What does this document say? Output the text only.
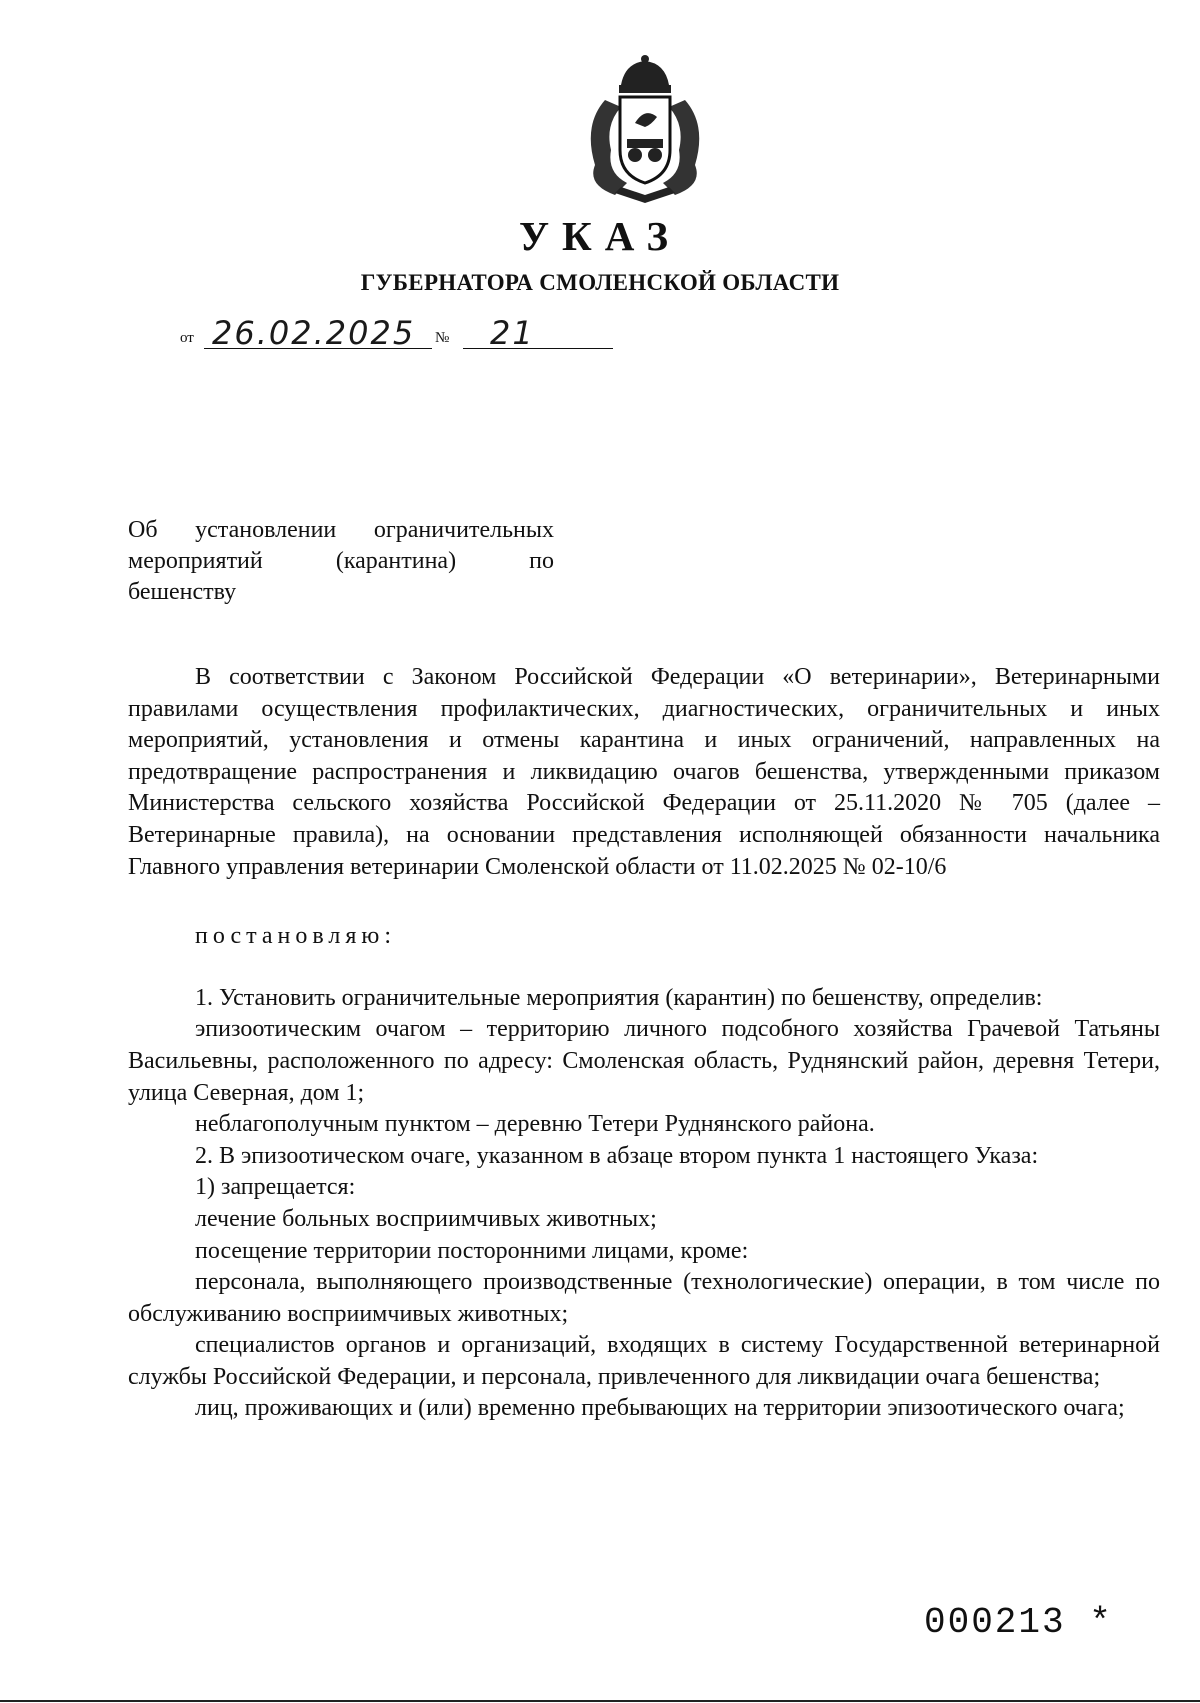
УКАЗ
ГУБЕРНАТОРА СМОЛЕНСКОЙ ОБЛАСТИ
от 26.02.2025 № 21
Об установлении ограничительных
мероприятий (карантина) по
бешенству

В соответствии с Законом Российской Федерации «О ветеринарии», Ветеринарными правилами осуществления профилактических, диагностических, ограничительных и иных мероприятий, установления и отмены карантина и иных ограничений, направленных на предотвращение распространения и ликвидацию очагов бешенства, утвержденными приказом Министерства сельского хозяйства Российской Федерации от 25.11.2020 № 705 (далее – Ветеринарные правила), на основании представления исполняющей обязанности начальника Главного управления ветеринарии Смоленской области от 11.02.2025 № 02-10/6

постановляю:

1. Установить ограничительные мероприятия (карантин) по бешенству, определив:

эпизоотическим очагом – территорию личного подсобного хозяйства Грачевой Татьяны Васильевны, расположенного по адресу: Смоленская область, Руднянский район, деревня Тетери, улица Северная, дом 1;

неблагополучным пунктом – деревню Тетери Руднянского района.

2. В эпизоотическом очаге, указанном в абзаце втором пункта 1 настоящего Указа:

1) запрещается:

лечение больных восприимчивых животных;

посещение территории посторонними лицами, кроме:

персонала, выполняющего производственные (технологические) операции, в том числе по обслуживанию восприимчивых животных;

специалистов органов и организаций, входящих в систему Государственной ветеринарной службы Российской Федерации, и персонала, привлеченного для ликвидации очага бешенства;

лиц, проживающих и (или) временно пребывающих на территории эпизоотического очага;

000213 *
